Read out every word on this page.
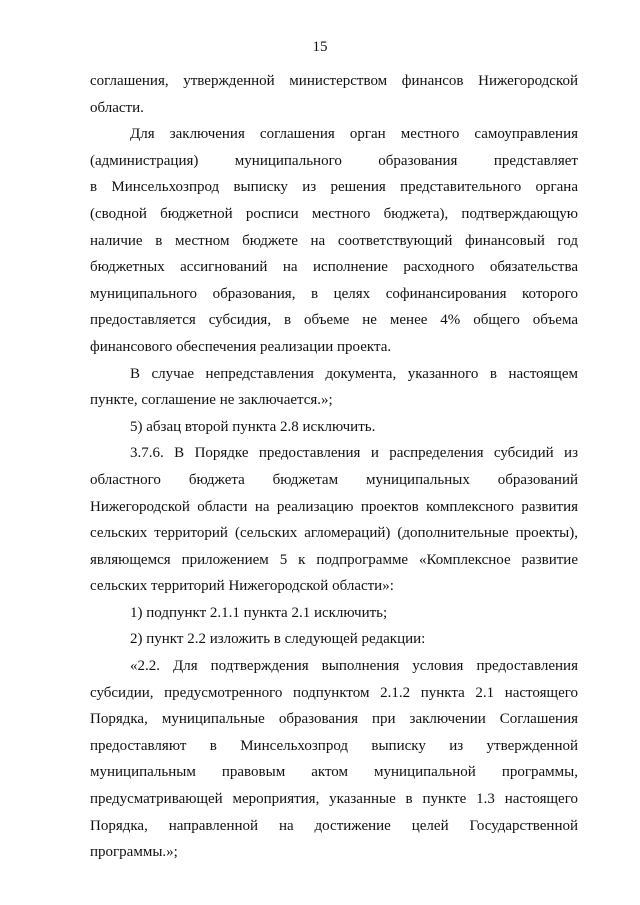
15
соглашения, утвержденной министерством финансов Нижегородской
области.
Для заключения соглашения орган местного самоуправления
(администрация) муниципального образования представляет
в Минсельхозпрод выписку из решения представительного органа
(сводной бюджетной росписи местного бюджета), подтверждающую
наличие в местном бюджете на соответствующий финансовый год
бюджетных ассигнований на исполнение расходного обязательства
муниципального образования, в целях софинансирования которого
предоставляется субсидия, в объеме не менее 4% общего объема
финансового обеспечения реализации проекта.
В случае непредставления документа, указанного в настоящем
пункте, соглашение не заключается.»;
5) абзац второй пункта 2.8 исключить.
3.7.6. В Порядке предоставления и распределения субсидий из
областного бюджета бюджетам муниципальных образований
Нижегородской области на реализацию проектов комплексного развития
сельских территорий (сельских агломераций) (дополнительные проекты),
являющемся приложением 5 к подпрограмме «Комплексное развитие
сельских территорий Нижегородской области»:
1) подпункт 2.1.1 пункта 2.1 исключить;
2) пункт 2.2 изложить в следующей редакции:
«2.2. Для подтверждения выполнения условия предоставления
субсидии, предусмотренного подпунктом 2.1.2 пункта 2.1 настоящего
Порядка, муниципальные образования при заключении Соглашения
предоставляют в Минсельхозпрод выписку из утвержденной
муниципальным правовым актом муниципальной программы,
предусматривающей мероприятия, указанные в пункте 1.3 настоящего
Порядка, направленной на достижение целей Государственной
программы.»;
